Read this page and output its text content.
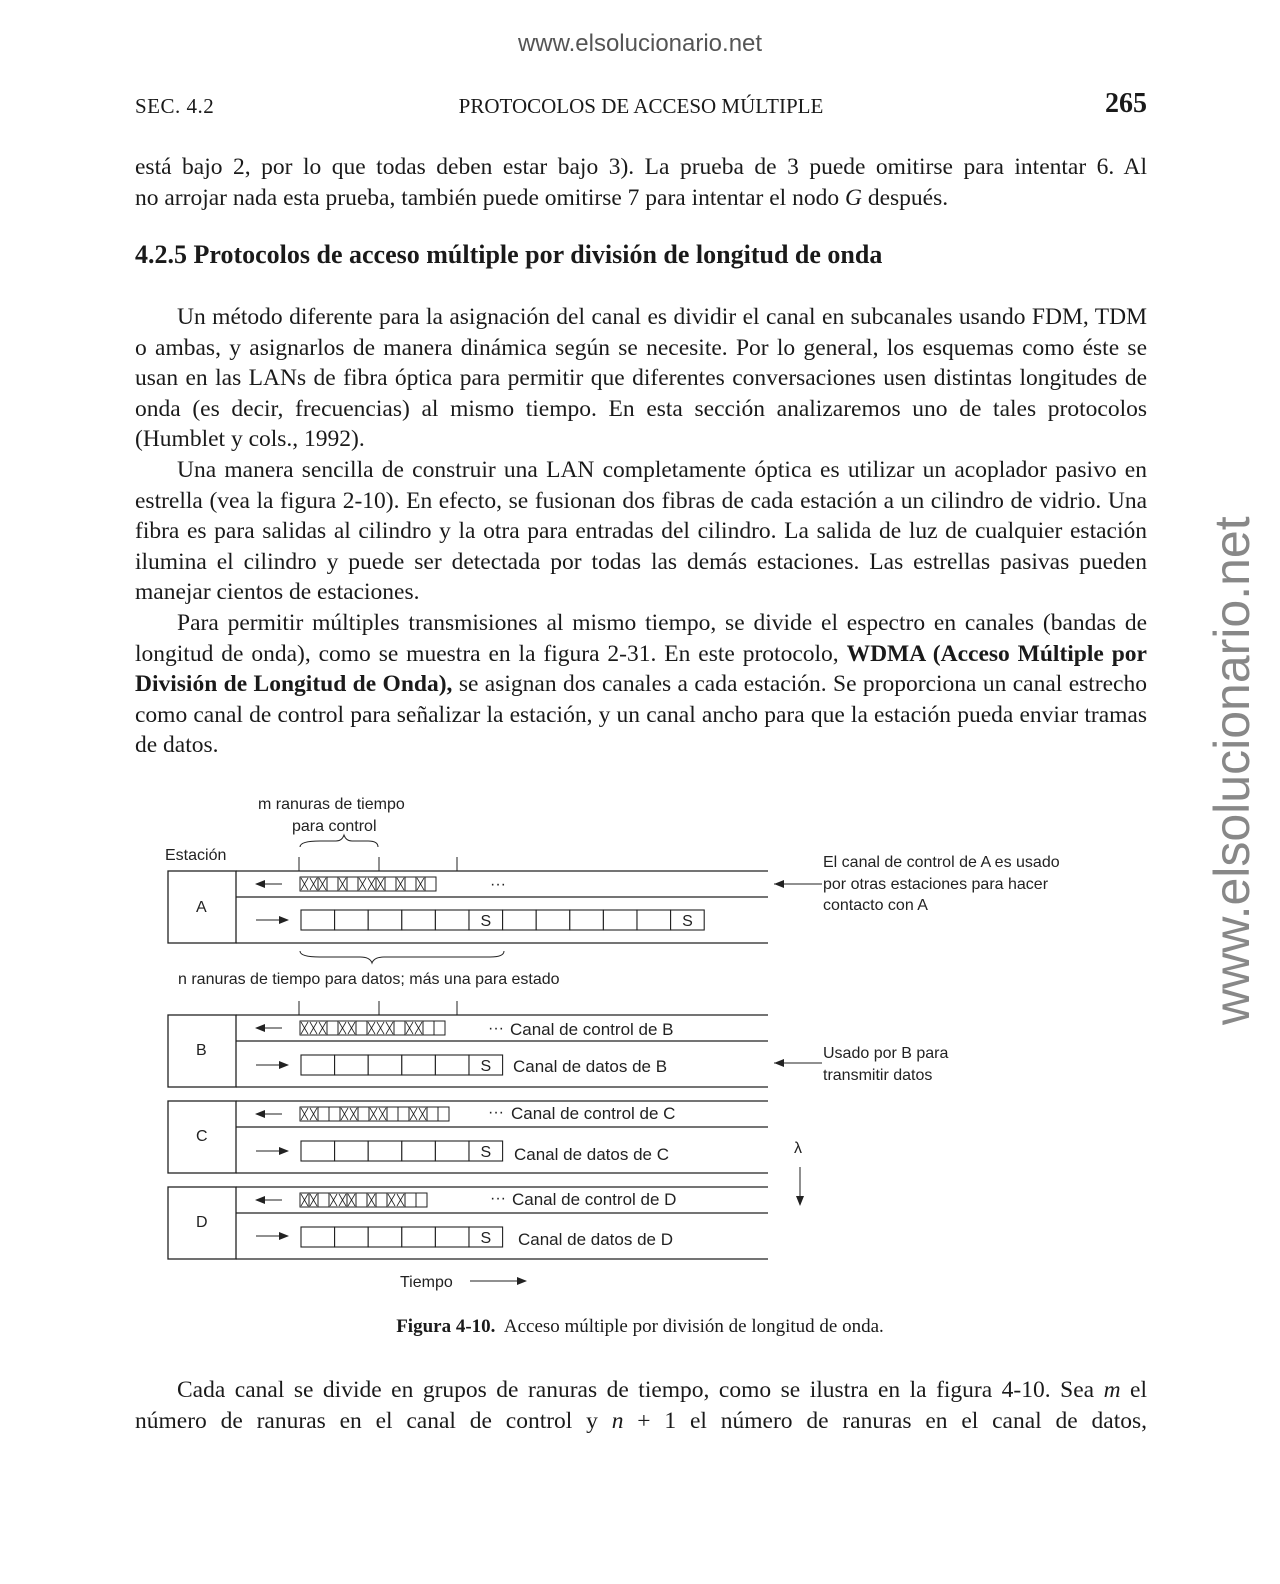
www.elsolucionario.net
www.elsolucionario.net
SEC. 4.2	PROTOCOLOS DE ACCESO MÚLTIPLE	265

está bajo 2, por lo que todas deben estar bajo 3). La prueba de 3 puede omitirse para intentar 6. Al

no arrojar nada esta prueba, también puede omitirse 7 para intentar el nodo G después.

4.2.5 Protocolos de acceso múltiple por división de longitud de onda

Un método diferente para la asignación del canal es dividir el canal en subcanales usando FDM, TDM o ambas, y asignarlos de manera dinámica según se necesite. Por lo general, los esquemas como éste se usan en las LANs de fibra óptica para permitir que diferentes conversaciones usen distintas longitudes de onda (es decir, frecuencias) al mismo tiempo. En esta sección analizaremos uno de tales protocolos (Humblet y cols., 1992).

Una manera sencilla de construir una LAN completamente óptica es utilizar un acoplador pasivo en estrella (vea la figura 2-10). En efecto, se fusionan dos fibras de cada estación a un cilindro de vidrio. Una fibra es para salidas al cilindro y la otra para entradas del cilindro. La salida de luz de cualquier estación ilumina el cilindro y puede ser detectada por todas las demás estaciones. Las estrellas pasivas pueden manejar cientos de estaciones.

Para permitir múltiples transmisiones al mismo tiempo, se divide el espectro en canales (bandas de longitud de onda), como se muestra en la figura 2-31. En este protocolo, WDMA (Acceso Múltiple por División de Longitud de Onda), se asignan dos canales a cada estación. Se proporciona un canal estrecho como canal de control para señalizar la estación, y un canal ancho para que la estación pueda enviar tramas de datos.

m ranuras de tiempo
para control
Estación
A
···
S	S
El canal de control de A es usado
por otras estaciones para hacer
contacto con A
n ranuras de tiempo para datos; más una para estado
B
··· Canal de control de B
S Canal de datos de B
Usado por B para
transmitir datos
C
··· Canal de control de C
S Canal de datos de C	λ
D
··· Canal de control de D
S Canal de datos de D
Tiempo
Figura 4-10. Acceso múltiple por división de longitud de onda.

Cada canal se divide en grupos de ranuras de tiempo, como se ilustra en la figura 4-10. Sea m el número de ranuras en el canal de control y n + 1 el número de ranuras en el canal de datos,
